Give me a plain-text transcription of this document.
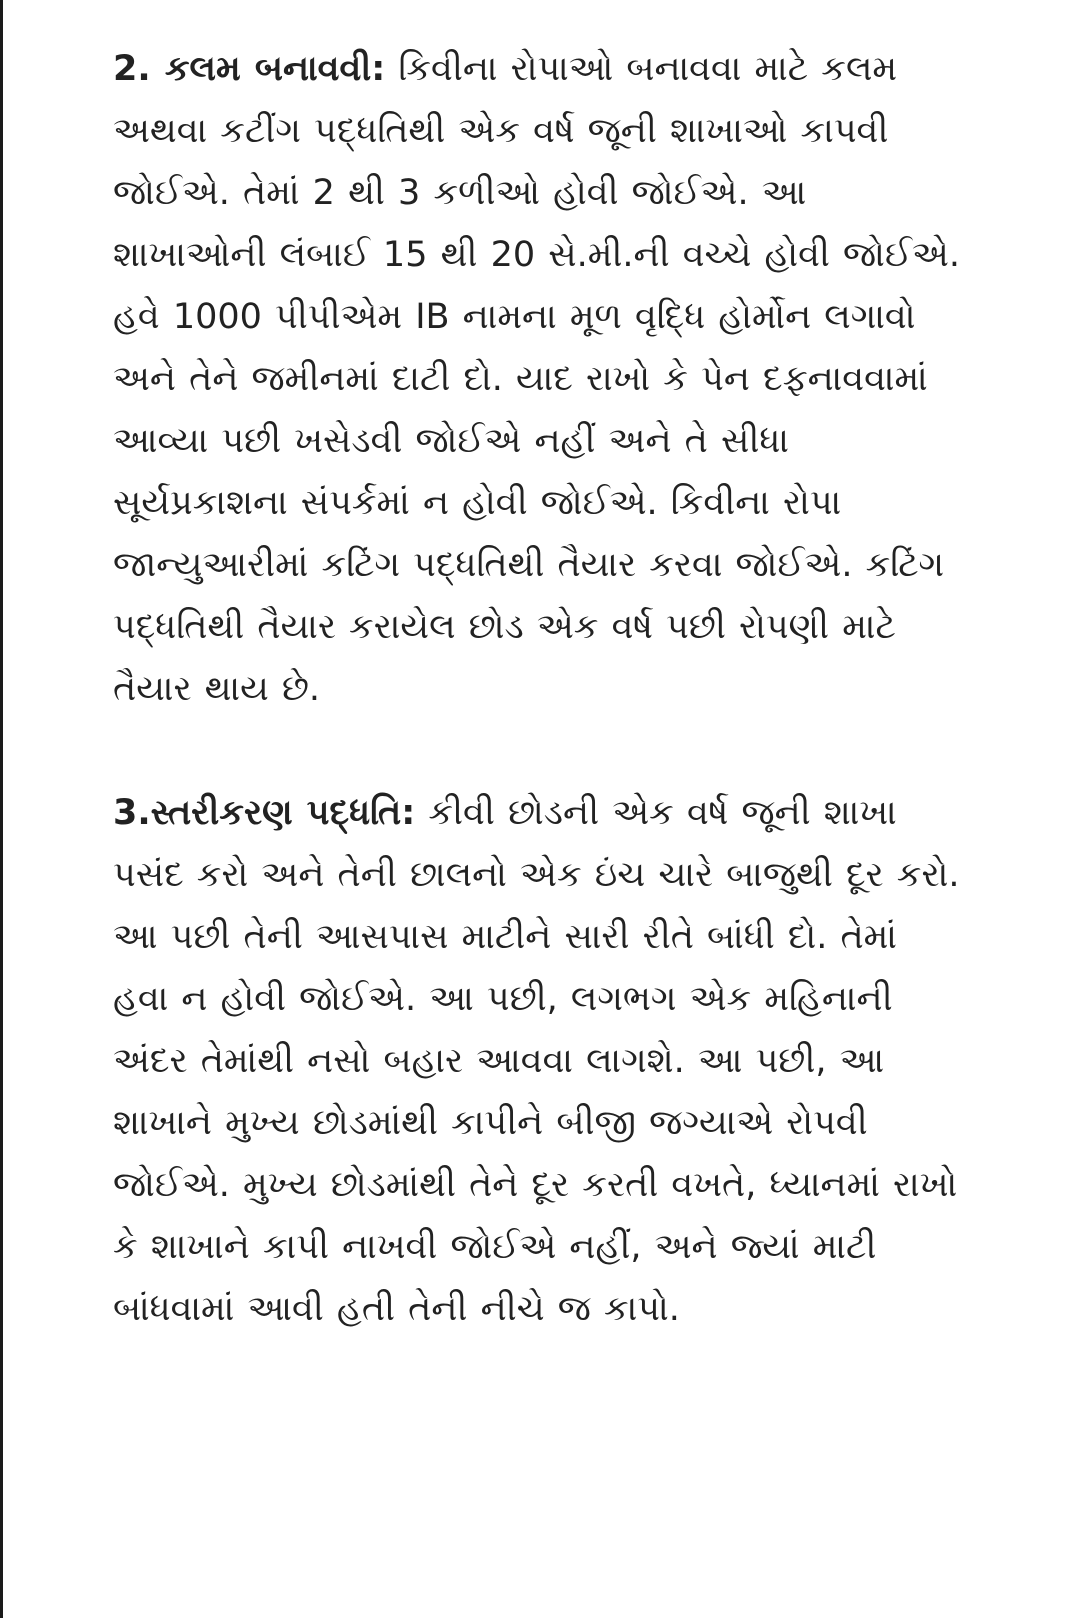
2. કલમ બનાવવી: કિવીના રોપાઓ બનાવવા માટે કલમ અથવા કટીંગ પદ્ધતિથી એક વર્ષ જૂની શાખાઓ કાપવી જોઈએ. તેમાં 2 થી 3 કળીઓ હોવી જોઈએ. આ શાખાઓની લંબાઈ 15 થી 20 સે.મી.ની વચ્ચે હોવી જોઈએ. હવે 1000 પીપીએમ IB નામના મૂળ વૃદ્ધિ હોર્મોન લગાવો અને તેને જમીનમાં દાટી દો. યાદ રાખો કે પેન દફનાવવામાં આવ્યા પછી ખસેડવી જોઈએ નહીં અને તે સીધા સૂર્યપ્રકાશના સંપર્કમાં ન હોવી જોઈએ. કિવીના રોપા જાન્યુઆરીમાં કટિંગ પદ્ધતિથી તૈયાર કરવા જોઈએ. કટિંગ પદ્ધતિથી તૈયાર કરાયેલ છોડ એક વર્ષ પછી રોપણી માટે તૈયાર થાય છે.

3.સ્તરીકરણ પદ્ધતિ: કીવી છોડની એક વર્ષ જૂની શાખા પસંદ કરો અને તેની છાલનો એક ઇંચ ચારે બાજુથી દૂર કરો. આ પછી તેની આસપાસ માટીને સારી રીતે બાંધી દો. તેમાં હવા ન હોવી જોઈએ. આ પછી, લગભગ એક મહિનાની અંદર તેમાંથી નસો બહાર આવવા લાગશે. આ પછી, આ શાખાને મુખ્ય છોડમાંથી કાપીને બીજી જગ્યાએ રોપવી જોઈએ. મુખ્ય છોડમાંથી તેને દૂર કરતી વખતે, ધ્યાનમાં રાખો કે શાખાને કાપી નાખવી જોઈએ નહીં, અને જ્યાં માટી બાંધવામાં આવી હતી તેની નીચે જ કાપો.
